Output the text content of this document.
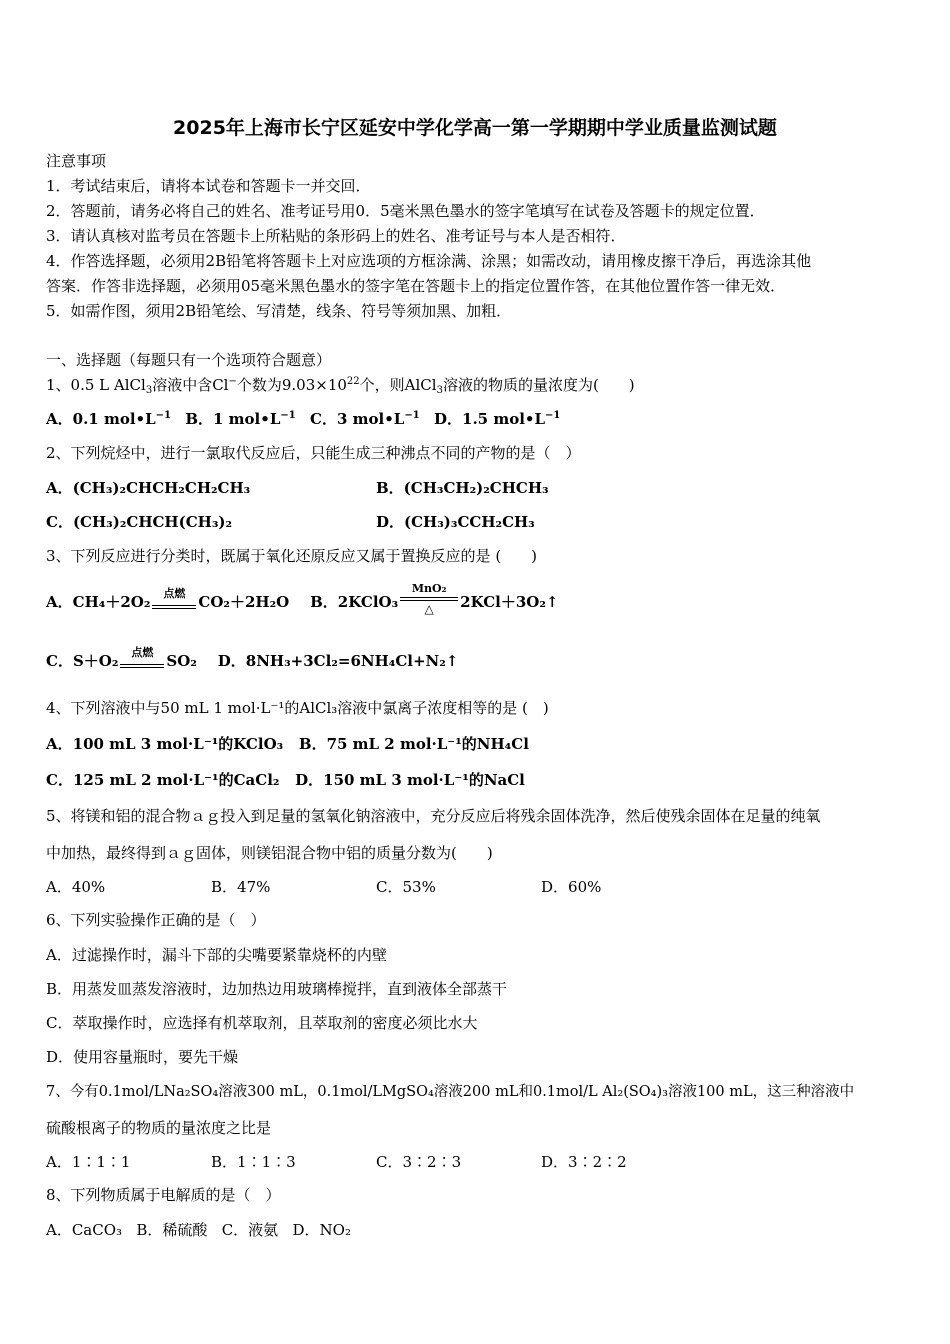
2025年上海市长宁区延安中学化学高一第一学期期中学业质量监测试题
注意事项
1．考试结束后，请将本试卷和答题卡一并交回．
2．答题前，请务必将自己的姓名、准考证号用0．5毫米黑色墨水的签字笔填写在试卷及答题卡的规定位置．
3．请认真核对监考员在答题卡上所粘贴的条形码上的姓名、准考证号与本人是否相符．
4．作答选择题，必须用2B铅笔将答题卡上对应选项的方框涂满、涂黑；如需改动，请用橡皮擦干净后，再选涂其他
答案．作答非选择题，必须用05毫米黑色墨水的签字笔在答题卡上的指定位置作答，在其他位置作答一律无效．
5．如需作图，须用2B铅笔绘、写清楚，线条、符号等须加黑、加粗．
一、选择题（每题只有一个选项符合题意）
1、0.5 L AlCl$_3$溶液中含Cl−个数为$9.03\times 10^{22}$个，则AlCl$_3$溶液的物质的量浓度为(　　)
A．0.1 $mol•L^{-1}$ B．1 $mol•L^{-1}$ C．3 $mol•L^{-1}$ D．1.5 $mol•L^{-1}$
2、下列烷烃中，进行一氯取代反应后，只能生成三种沸点不同的产物的是（　）
A．(CH₃)₂CHCH₂CH₂CH₃	B．(CH₃CH₂)₂CHCH₃
C．(CH₃)₂CHCH(CH₃)₂	D．(CH₃)₃CCH₂CH₃
3、下列反应进行分类时，既属于氧化还原反应又属于置换反应的是 (　　)
A．CH₄＋2O₂	点燃 CO₂＋2H₂O B．2KClO₃
MnO₂
△	2KCl＋3O₂↑
C．S＋O₂	点燃 SO₂ D．8NH₃+3Cl₂=6NH₄Cl+N₂↑
4、下列溶液中与50 mL 1 mol·L⁻¹的AlCl₃溶液中氯离子浓度相等的是 (　)
A．100 mL 3 mol·L⁻¹的KClO₃ B．75 mL 2 mol·L⁻¹的NH₄Cl
C．125 mL 2 mol·L⁻¹的CaCl₂ D．150 mL 3 mol·L⁻¹的NaCl
5、将镁和铝的混合物ａｇ投入到足量的氢氧化钠溶液中，充分反应后将残余固体洗净，然后使残余固体在足量的纯氧
中加热，最终得到ａｇ固体，则镁铝混合物中铝的质量分数为(　　)
A．40%	B．47%	C．53%	D．60%
6、下列实验操作正确的是（　）
A．过滤操作时，漏斗下部的尖嘴要紧靠烧杯的内壁
B．用蒸发皿蒸发溶液时，边加热边用玻璃棒搅拌，直到液体全部蒸干
C．萃取操作时，应选择有机萃取剂，且萃取剂的密度必须比水大
D．使用容量瓶时，要先干燥
7、今有0.1mol/LNa₂SO₄溶液300 mL，0.1mol/LMgSO₄溶液200 mL和0.1mol/L Al₂(SO₄)₃溶液100 mL，这三种溶液中
硫酸根离子的物质的量浓度之比是
A．1∶1∶1	B．1∶1∶3	C．3∶2∶3	D．3∶2∶2
8、下列物质属于电解质的是（　）
A．CaCO₃ B．稀硫酸 C．液氨 D．NO₂
